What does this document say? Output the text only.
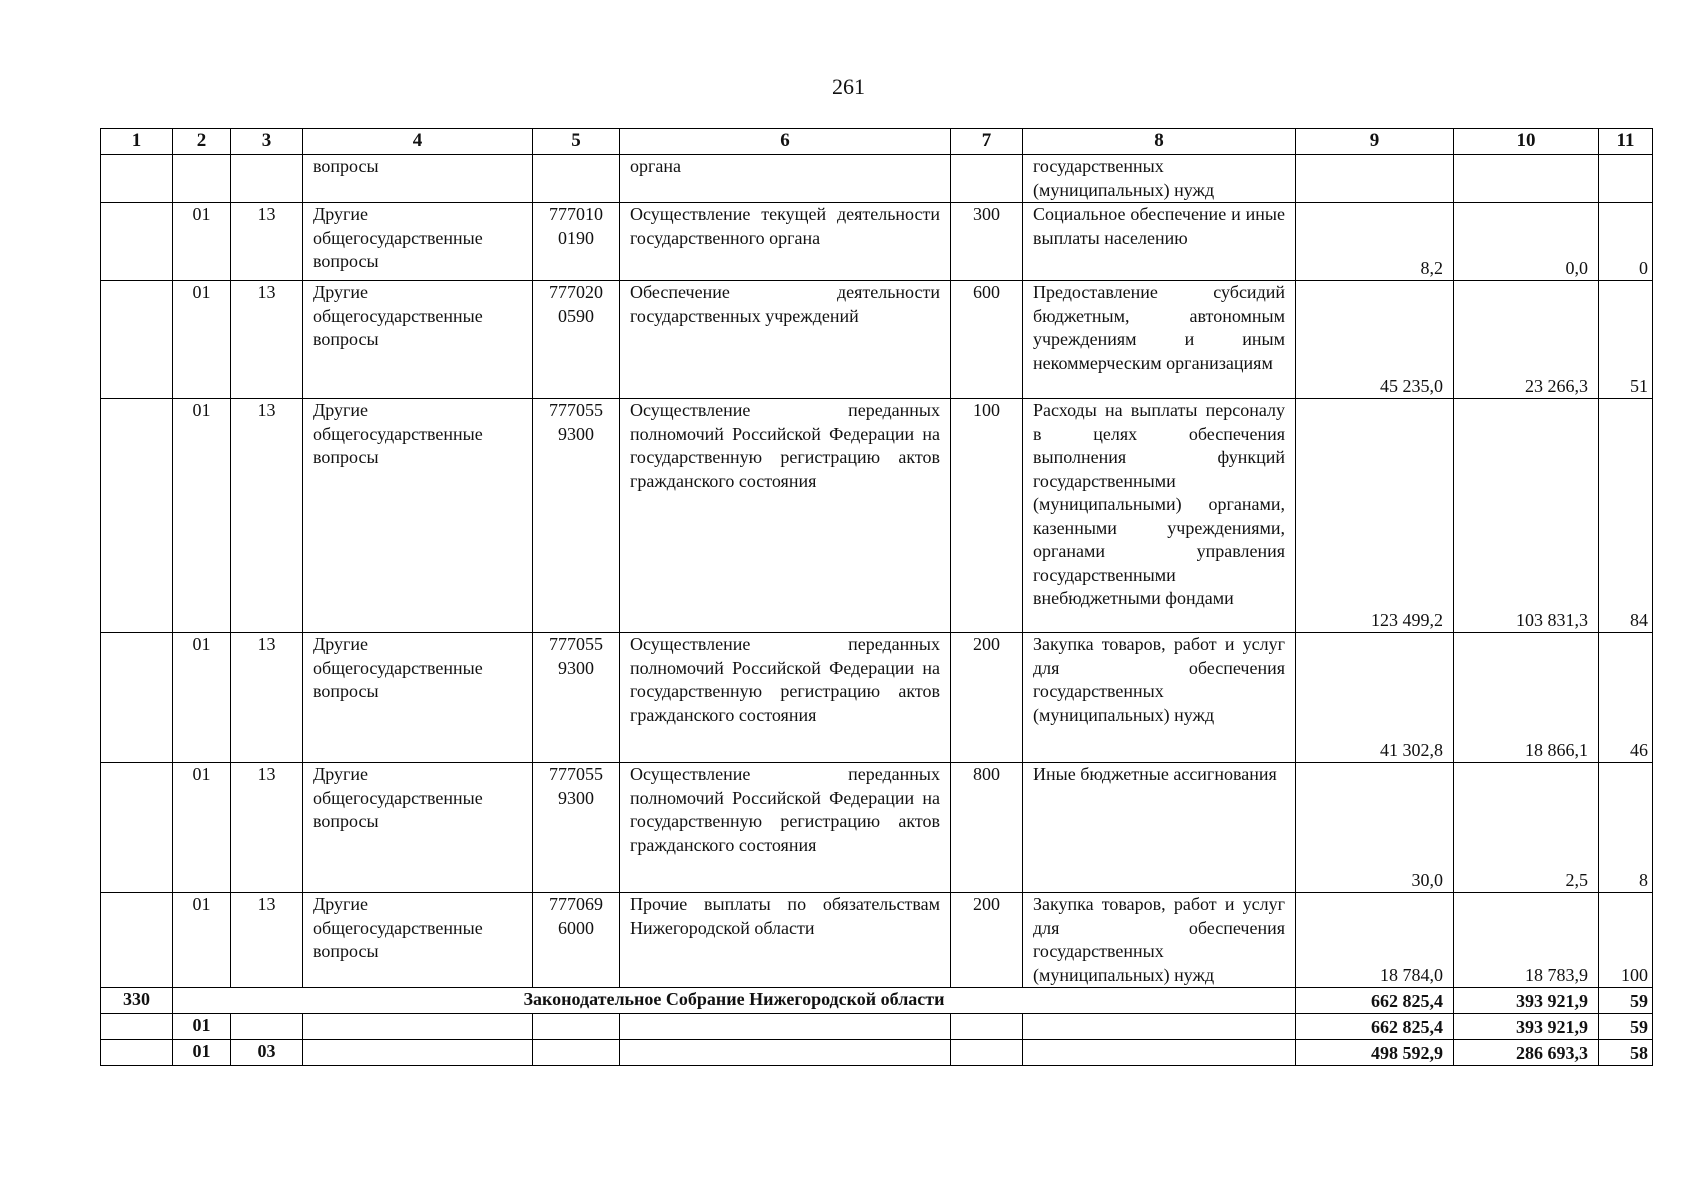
261
1	2	3	4	5	6	7	8	9	10	11
			вопросы		органа		государственных (муниципальных) нужд			
	01	13	Другие общегосударственные вопросы	777010 0190	Осуществление текущей деятельности государственного органа	300	Социальное обеспечение и иные выплаты населению	8,2	0,0	0
	01	13	Другие общегосударственные вопросы	777020 0590	Обеспечение деятельности государственных учреждений	600	Предоставление субсидий бюджетным, автономным учреждениям и иным некоммерческим организациям	45 235,0	23 266,3	51
	01	13	Другие общегосударственные вопросы	777055 9300	Осуществление переданных полномочий Российской Федерации на государственную регистрацию актов гражданского состояния	100	Расходы на выплаты персоналу в целях обеспечения выполнения функций государственными (муниципальными) органами, казенными учреждениями, органами управления государственными внебюджетными фондами	123 499,2	103 831,3	84
	01	13	Другие общегосударственные вопросы	777055 9300	Осуществление переданных полномочий Российской Федерации на государственную регистрацию актов гражданского состояния	200	Закупка товаров, работ и услуг для обеспечения государственных (муниципальных) нужд	41 302,8	18 866,1	46
	01	13	Другие общегосударственные вопросы	777055 9300	Осуществление переданных полномочий Российской Федерации на государственную регистрацию актов гражданского состояния	800	Иные бюджетные ассигнования	30,0	2,5	8
	01	13	Другие общегосударственные вопросы	777069 6000	Прочие выплаты по обязательствам Нижегородской области	200	Закупка товаров, работ и услуг для обеспечения государственных (муниципальных) нужд	18 784,0	18 783,9	100
330	Законодательное Собрание Нижегородской области							662 825,4	393 921,9	59
	01							662 825,4	393 921,9	59
	01	03						498 592,9	286 693,3	58
